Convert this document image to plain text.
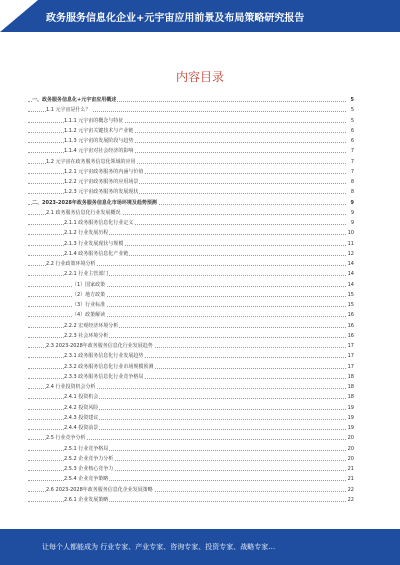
政务服务信息化企业+元宇宙应用前景及布局策略研究报告
内容目录
一、政务服务信息化+元宇宙应用概述	5
1.1 元宇宙是什么？	5
1.1.1 元宇宙的概念与特征	5
1.1.2 元宇宙关键技术与产业链	6
1.1.3 元宇宙的发展阶段与趋势	6
1.1.4 元宇宙对社会经济的影响	7
1.2 元宇宙在政务服务信息化领域的应用	7
1.2.1 元宇宙政务服务的内涵与价值	7
1.2.2 元宇宙政务服务的应用场景	8
1.2.3 元宇宙政务服务的发展现状	8
二、2023-2028年政务服务信息化市场环境及趋势预测	9
2.1 政务服务信息化行业发展概况	9
2.1.1 政务服务信息化行业定义	9
2.1.2 行业发展历程	10
2.1.3 行业发展现状与规模	11
2.1.4 政务服务信息化产业链	12
2.2 行业政策环境分析	14
2.2.1 行业主管部门	14
（1）国家政策	14
（2）地方政策	15
（3）行业标准	15
（4）政策解读	16
2.2.2 宏观经济环境分析	16
2.2.3 社会环境分析	16
2.3 2023-2028年政务服务信息化行业发展趋势	17
2.3.1 政务服务信息化行业发展趋势	17
2.3.2 政务服务信息化行业市场规模预测	17
2.3.3 政务服务信息化行业竞争格局	18
2.4 行业投资机会分析	18
2.4.1 投资机会	18
2.4.2 投资风险	19
2.4.3 投资建议	19
2.4.4 投资前景	19
2.5 行业竞争分析	20
2.5.1 行业竞争格局	20
2.5.2 企业竞争力分析	20
2.5.3 企业核心竞争力	21
2.5.4 企业竞争策略	21
2.6 2023-2028年政务服务信息化企业发展策略	22
2.6.1 企业发展策略	22
让每个人都能成为 行业专家、产业专家、咨询专家、投资专家、战略专家…
